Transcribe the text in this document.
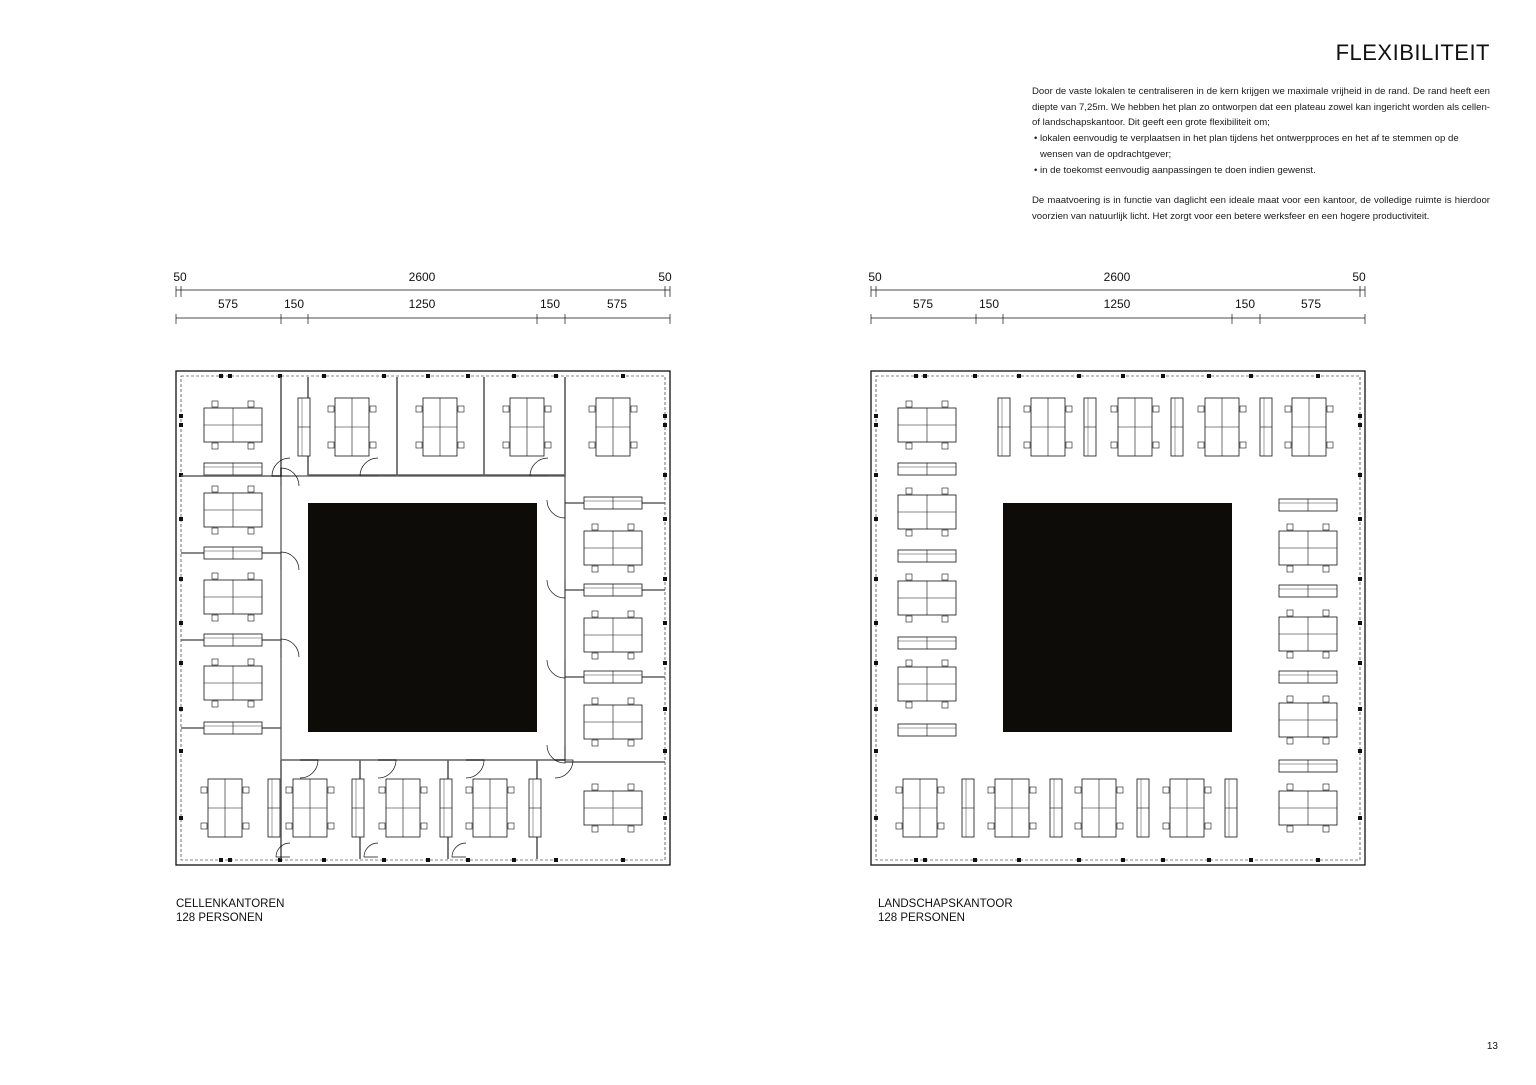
FLEXIBILITEIT

Door de vaste lokalen te centraliseren in de kern krijgen we maximale vrijheid in de rand. De rand heeft een diepte van 7,25m. We hebben het plan zo ontworpen dat een plateau zowel kan ingericht worden als cellen- of landschapskantoor. Dit geeft een grote flexibiliteit om;

• lokalen eenvoudig te verplaatsen in het plan tijdens het ontwerpproces en het af te stemmen op de wensen van de opdrachtgever;
• in de toekomst eenvoudig aanpassingen te doen indien gewenst.

De maatvoering is in functie van daglicht een ideale maat voor een kantoor, de volledige ruimte is hierdoor voorzien van natuurlijk licht. Het zorgt voor een betere werksfeer en een hogere productiviteit.

50	2600	50
575	150	1250	150	575
50	2600	50
575	150	1250	150	575
CELLENKANTOREN
128 PERSONEN
LANDSCHAPSKANTOOR
128 PERSONEN
13
